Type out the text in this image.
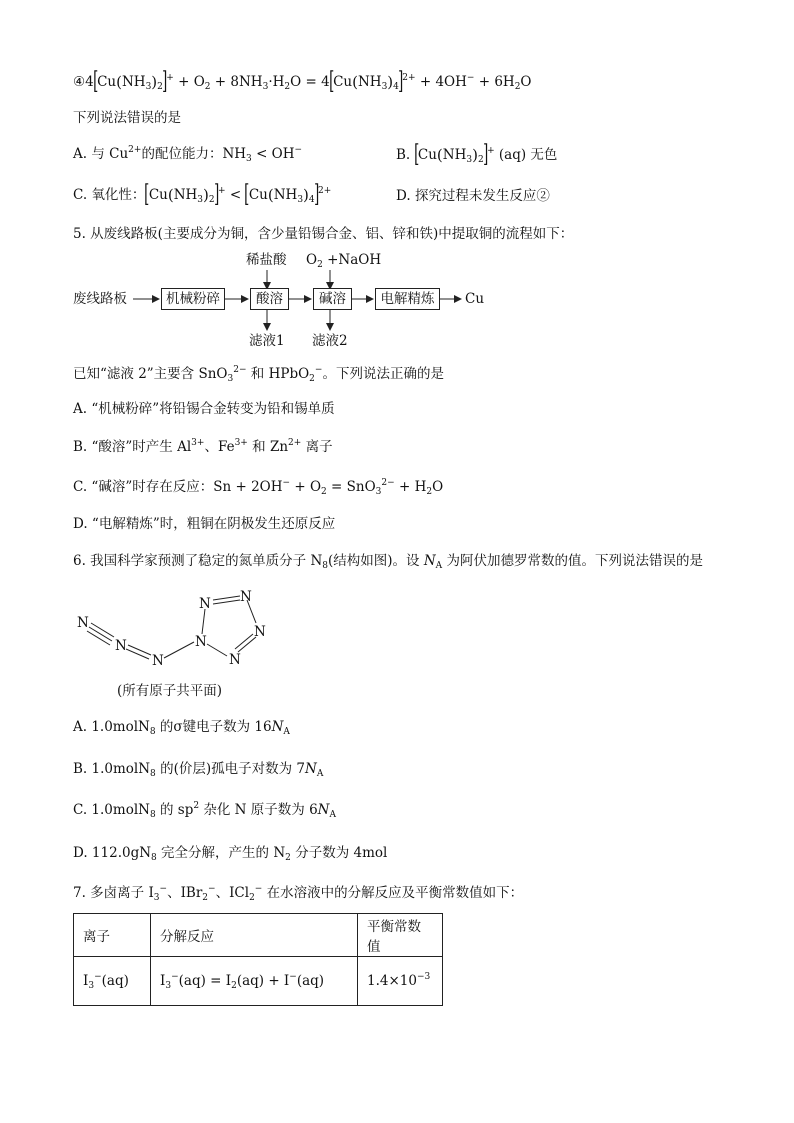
$④4[Cu(NH_3)_2]^+ + O_2 + 8NH_3\cdot H_2O = 4[Cu(NH_3)_4]^{2+} + 4OH^- + 6H_2O$
下列说法错误的是
A. 与 $Cu^{2+}$的配位能力：$NH_3 < OH^-$	B. $[Cu(NH_3)_2]^+$ (aq) 无色
C. 氧化性：$[Cu(NH_3)_2]^+ < [Cu(NH_3)_4]^{2+}$	D. 探究过程未发生反应②
5. 从废线路板(主要成分为铜，含少量铅锡合金、铝、锌和铁)中提取铜的流程如下：
废线路板	机械粉碎	酸溶	碱溶	电解精炼	Cu
稀盐酸 $O_2$ +NaOH
滤液1 滤液2
已知“滤液 2”主要含 SnO$_3^{2-}$ 和 HPbO$_2$−。下列说法正确的是
A. “机械粉碎”将铅锡合金转变为铅和锡单质
B. “酸溶”时产生 $Al^{3+}$、$Fe^{3+}$ 和 $Zn^{2+}$ 离子
C. “碱溶”时存在反应：$Sn + 2OH^- + O_2 = SnO_3^{2-} + H_2O$
D. “电解精炼”时，粗铜在阴极发生还原反应
6. 我国科学家预测了稳定的氮单质分子 $N_8$(结构如图)。设 $N_A$ 为阿伏加德罗常数的值。下列说法错误的是
N
N
N
N
N N
N
N
(所有原子共平面)
A. 1.0molN$_8$ 的σ键电子数为 $16N_A$
B. 1.0molN$_8$ 的(价层)孤电子对数为 $7N_A$
C. 1.0molN$_8$ 的 $sp^2$ 杂化 N 原子数为 $6N_A$
D. $112.0gN_8$ 完全分解，产生的 $N_2$ 分子数为 4mol
7. 多卤离子 $I_3^-$、IBr$_2$−、ICl$_2$− 在水溶液中的分解反应及平衡常数值如下：
离子	分解反应	平衡常数值
$I_3^-(aq)$	$I_3^-(aq) = I_2(aq) + I^-(aq)$	$1.4\times 10^{-3}$
